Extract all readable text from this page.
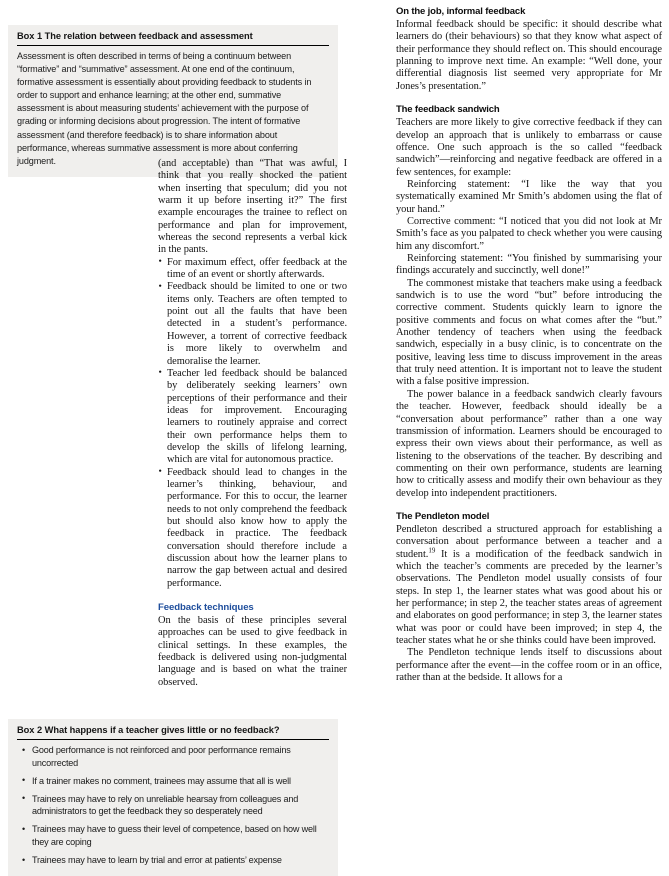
Box 1 The relation between feedback and assessment
Assessment is often described in terms of being a continuum between “formative” and “summative” assessment. At one end of the continuum, formative assessment is essentially about providing feedback to students in order to support and enhance learning; at the other end, summative assessment is about measuring students’ achievement with the purpose of grading or informing decisions about progression. The intent of formative assessment (and therefore feedback) is to share information about performance, whereas summative assessment is more about conferring judgment.	(and acceptable) than “That was awful, I think that you really shocked the patient when inserting that speculum; did you not warm it up before inserting it?” The first example encourages the trainee to reflect on performance and plan for improvement, whereas the second represents a verbal kick in the pants.

• For maximum effect, offer feedback at the time of an event or shortly afterwards.
• Feedback should be limited to one or two items only. Teachers are often tempted to point out all the faults that have been detected in a student’s performance. However, a torrent of corrective feedback is more likely to overwhelm and demoralise the learner.
• Teacher led feedback should be balanced by deliberately seeking learners’ own perceptions of their performance and their ideas for improvement. Encouraging learners to routinely appraise and correct their own performance helps them to develop the skills of lifelong learning, which are vital for autonomous practice.
• Feedback should lead to changes in the learner’s thinking, behaviour, and performance. For this to occur, the learner needs to not only comprehend the feedback but should also know how to apply the feedback in practice. The feedback conversation should therefore include a discussion about how the learner plans to narrow the gap between actual and desired performance.
Feedback techniques

On the basis of these principles several approaches can be used to give feedback in clinical settings. In these examples, the feedback is delivered using non-judgmental language and is based on what the trainer observed.

Box 2 What happens if a teacher gives little or no feedback?
• Good performance is not reinforced and poor performance remains uncorrected
• If a trainer makes no comment, trainees may assume that all is well
• Trainees may have to rely on unreliable hearsay from colleagues and administrators to get the feedback they so desperately need
• Trainees may have to guess their level of competence, based on how well they are coping
• Trainees may have to learn by trial and error at patients’ expense
On the job, informal feedback

Informal feedback should be specific: it should describe what learners do (their behaviours) so that they know what aspect of their performance they should reflect on. This should encourage planning to improve next time. An example: “Well done, your differential diagnosis list seemed very appropriate for Mr Jones’s presentation.”

The feedback sandwich

Teachers are more likely to give corrective feedback if they can develop an approach that is unlikely to embarrass or cause offence. One such approach is the so called “feedback sandwich”—reinforcing and negative feedback are offered in a few sentences, for example:

Reinforcing statement: “I like the way that you systematically examined Mr Smith’s abdomen using the flat of your hand.”

Corrective comment: “I noticed that you did not look at Mr Smith’s face as you palpated to check whether you were causing him any discomfort.”

Reinforcing statement: “You finished by summarising your findings accurately and succinctly, well done!”

The commonest mistake that teachers make using a feedback sandwich is to use the word “but” before introducing the corrective comment. Students quickly learn to ignore the positive comments and focus on what comes after the “but.” Another tendency of teachers when using the feedback sandwich, especially in a busy clinic, is to concentrate on the positive, leaving less time to discuss improvement in the areas that truly need attention. It is important not to leave the student with a false positive impression.

The power balance in a feedback sandwich clearly favours the teacher. However, feedback should ideally be a “conversation about performance” rather than a one way transmission of information. Learners should be encouraged to express their own views about their performance, as well as listening to the observations of the teacher. By describing and commenting on their own performance, students are learning how to critically assess and modify their own behaviour as they develop into independent practitioners.

The Pendleton model

Pendleton described a structured approach for establishing a conversation about performance between a teacher and a student.$^{19}$ It is a modification of the feedback sandwich in which the teacher’s comments are preceded by the learner’s observations. The Pendleton model usually consists of four steps. In step 1, the learner states what was good about his or her performance; in step 2, the teacher states areas of agreement and elaborates on good performance; in step 3, the learner states what was poor or could have been improved; in step 4, the teacher states what he or she thinks could have been improved.

The Pendleton technique lends itself to discussions about performance after the event—in the coffee room or in an office, rather than at the bedside. It allows for a
